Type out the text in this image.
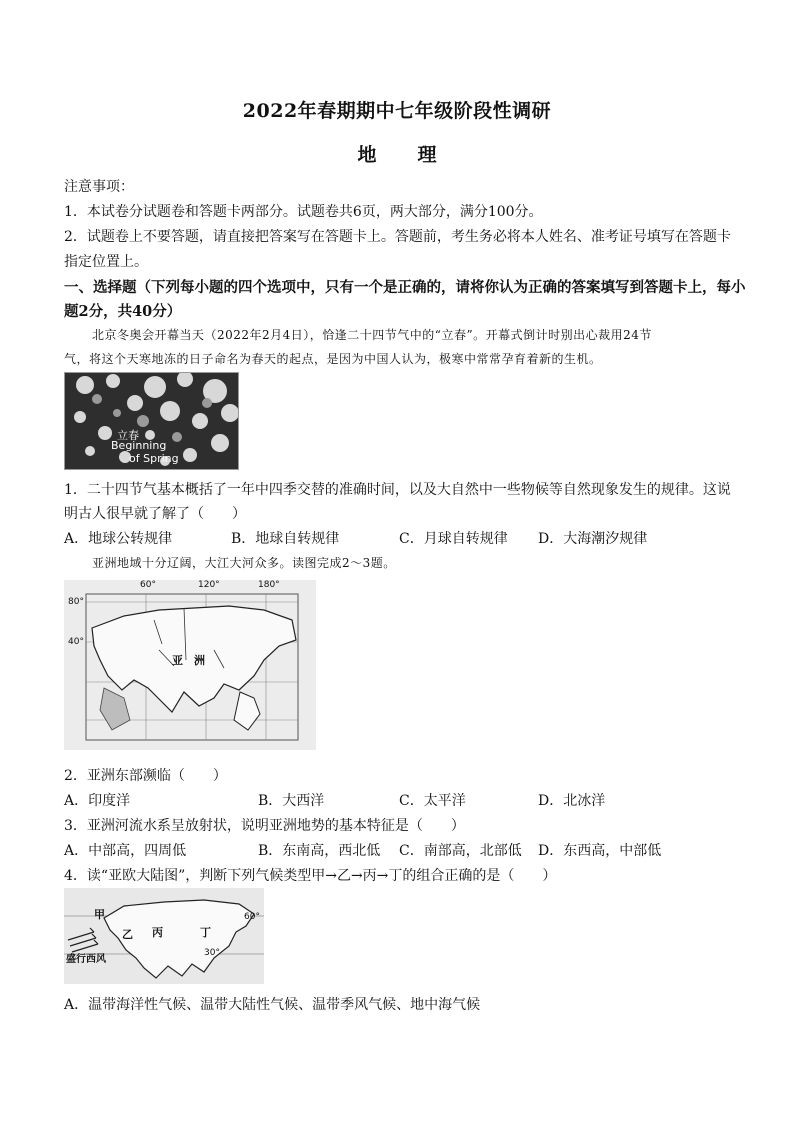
2022年春期期中七年级阶段性调研
地 理
注意事项：
1．本试卷分试题卷和答题卡两部分。试题卷共6页，两大部分，满分100分。
2．试题卷上不要答题，请直接把答案写在答题卡上。答题前，考生务必将本人姓名、准考证号填写在答题卡
指定位置上。
一、选择题（下列每小题的四个选项中，只有一个是正确的，请将你认为正确的答案填写到答题卡上，每小
题2分，共40分）
北京冬奥会开幕当天（2022年2月4日），恰逢二十四节气中的“立春”。开幕式倒计时别出心裁用24节
气，将这个天寒地冻的日子命名为春天的起点，是因为中国人认为，极寒中常常孕育着新的生机。
立春
Beginning
of Spring
1．二十四节气基本概括了一年中四季交替的准确时间，以及大自然中一些物候等自然现象发生的规律。这说
明古人很早就了解了（　　）
A．地球公转规律	B．地球自转规律	C．月球自转规律 D．大海潮汐规律
亚洲地域十分辽阔，大江大河众多。读图完成2～3题。
60°	120°	180°
80°
40°
亚　洲
2．亚洲东部濒临（　　）
A．印度洋	B．大西洋	C．太平洋	D．北冰洋
3．亚洲河流水系呈放射状，说明亚洲地势的基本特征是（　　）
A．中部高，四周低	B．东南高，西北低 C．南部高，北部低 D．东西高，中部低
4．读“亚欧大陆图”，判断下列气候类型甲→乙→丙→丁的组合正确的是（　　）
甲
乙 丙	丁
60°
30°
盛行西风
A．温带海洋性气候、温带大陆性气候、温带季风气候、地中海气候
